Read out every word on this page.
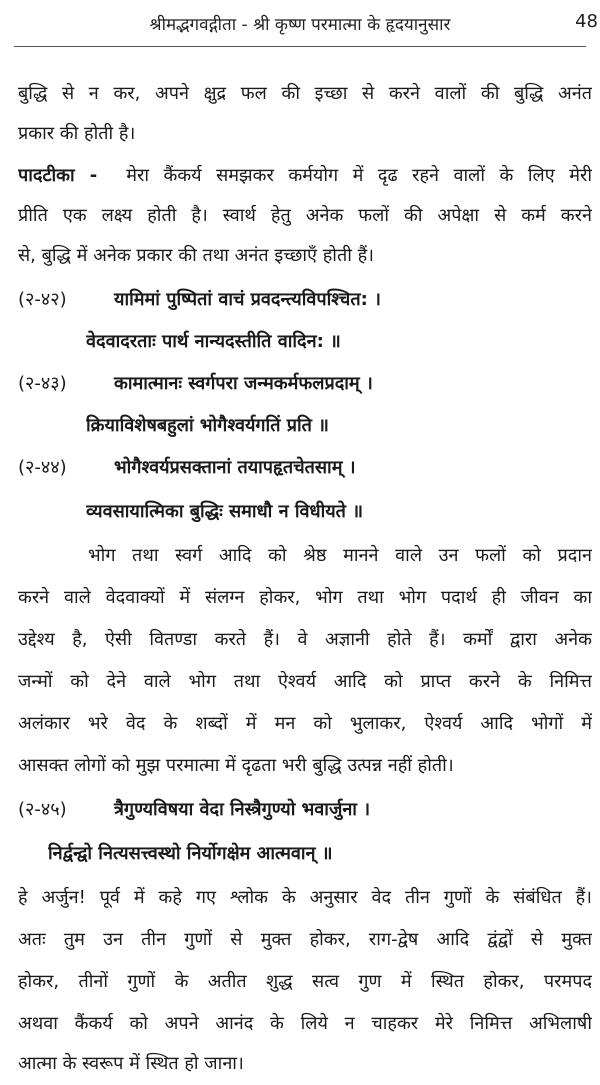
श्रीमद्भगवद्गीता - श्री कृष्ण परमात्मा के हृदयानुसार	48
बुद्धि से न कर, अपने क्षुद्र फल की इच्छा से करने वालों की बुद्धि अनंत
प्रकार की होती है।
पादटीका - मेरा कैंकर्य समझकर कर्मयोग में दृढ रहने वालों के लिए मेरी
प्रीति एक लक्ष्य होती है। स्वार्थ हेतु अनेक फलों की अपेक्षा से कर्म करने
से, बुद्धि में अनेक प्रकार की तथा अनंत इच्छाएँ होती हैं।
(२-४२)	यामिमां पुष्पितां वाचं प्रवदन्त्यविपश्चित: ।
वेदवादरताः पार्थ नान्यदस्तीति वादिन: ॥
(२-४३)	कामात्मानः स्वर्गपरा जन्मकर्मफलप्रदाम् ।
क्रियाविशेषबहुलां भोगैश्वर्यगतिं प्रति ॥
(२-४४)	भोगैश्वर्यप्रसक्तानां तयापहृतचेतसाम् ।
व्यवसायात्मिका बुद्धिः समाधौ न विधीयते ॥
भोग तथा स्वर्ग आदि को श्रेष्ठ मानने वाले उन फलों को प्रदान
करने वाले वेदवाक्यों में संलग्न होकर, भोग तथा भोग पदार्थ ही जीवन का
उद्देश्य है, ऐसी वितण्डा करते हैं। वे अज्ञानी होते हैं। कर्मों द्वारा अनेक
जन्मों को देने वाले भोग तथा ऐश्वर्य आदि को प्राप्त करने के निमित्त
अलंकार भरे वेद के शब्दों में मन को भुलाकर, ऐश्वर्य आदि भोगों में
आसक्त लोगों को मुझ परमात्मा में दृढता भरी बुद्धि उत्पन्न नहीं होती।
(२-४५)	त्रैगुण्यविषया वेदा निस्त्रैगुण्यो भवार्जुना ।
निर्द्वन्द्वो नित्यसत्त्वस्थो निर्योगक्षेम आत्मवान् ॥
हे अर्जुन! पूर्व में कहे गए श्लोक के अनुसार वेद तीन गुणों के संबंधित हैं।
अतः तुम उन तीन गुणों से मुक्त होकर, राग-द्वेष आदि द्वंद्वों से मुक्त
होकर, तीनों गुणों के अतीत शुद्ध सत्व गुण में स्थित होकर, परमपद
अथवा कैंकर्य को अपने आनंद के लिये न चाहकर मेरे निमित्त अभिलाषी
आत्मा के स्वरूप में स्थित हो जाना।
